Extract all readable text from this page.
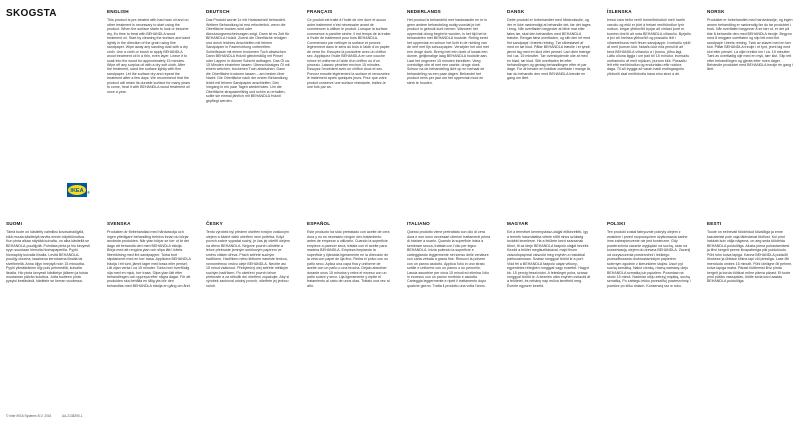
SKOGSTA
IKEA ®
ENGLISH

This product is pre-treated with hard wax oil and no other treatment is necessary to start using the product. When the surface starts to look or become dry, it's time to treat with BEHANDLA wood treatment oil. Start by cleaning the surface and sand lightly in the direction of the grain using fine sandpaper. Wipe away any sanding dust with a dry cloth. Use a cloth or brush to apply BEHANDLA wood treatment oil in a thin, even layer. Leave it to soak into the wood for approximately 15 minutes. Wipe off any surplus oil with a dry soft cloth. After the treatment, sand the surface lightly with fine sandpaper. Let the surface dry and repeat the treatment after a few days. We recommend that the product will retain its durable surface for many years to come, treat it with BEHANDLA wood treatment oil once a year.

DEUTSCH

Das Produkt wurde 1x mit Hartwachsöl behandelt. Weitere Behandlung ist erst erforderlich, wenn die Oberfläche trocken wird oder Abnutzungserscheinungen zeigt. Dann ist es Zeit für BEHANDLA Holzöl. Zuerst die Oberfläche reinigen und durch leichtes Anschleifen mit feinem Sandpapier in Faserrichtung vorbereiten. Schleifstaub mit einem trockenen Tuch abwischen. Dann BEHANDLA Holzöl gleichmäßig mit Pinsel oder Lappen in dünner Schicht auftragen. Das Öl ca. 15 Minuten einziehen lassen. Überschüssiges Öl mit einem weichen, trockenen Tuch abwischen. Dann die Oberfläche trocknen lassen – am besten über Nacht. Die Oberfläche nach der ersten Behandlung leicht mit feinem Sandpapier anschleifen. Den Vorgang in ein paar Tagen wiederholen. Um die Oberfläche strapazierfähig und schön zu erhalten, sollte sie einmal jährlich mit BEHANDLA Holzöl gepflegt werden.

FRANÇAIS

Ce produit est traité à l'huile de cire dure et aucun autre traitement n'est nécessaire avant de commencer à utiliser le produit. Lorsque la surface commence à paraître sèche, il est temps de la traiter à l'huile de traitement pour bois BEHANDLA. Commencez par nettoyer la surface et poncez légèrement dans le sens du bois à l'aide d'un papier de verre fin. Essuyez la poussière avec un chiffon sec. Appliquez l'huile BEHANDLA en une couche mince et uniforme à l'aide d'un chiffon ou d'un pinceau. Laissez pénétrer environ 15 minutes. Essuyez l'excédent avec un chiffon doux et sec. Poncez ensuite légèrement la surface et renouvelez le traitement après quelques jours. Pour que votre produit conserve une surface résistante, traitez-le une fois par an.

NEDERLANDS

Het product is behandeld met hardwasolie en er is geen andere behandeling nodig voordat je het product in gebruik kunt nemen. Wanneer het oppervlak droog begint te worden, is het tijd het te behandelen met BEHANDLA houtolie. Reinig eerst het oppervlak en schuur het licht in de richting van de nerf met fijn schuurpapier. Verwijder het stof met een droge doek. Breng met een doek of kwast een dunne, gelijkmatige laag BEHANDLA houtolie aan. Laat het ongeveer 15 minuten intrekken. Veeg overtollige olie af met een zachte, droge doek. Schuur na de behandeling licht op en herhaal de behandeling na een paar dagen. Behandel het product eens per jaar om het oppervlak mooi en sterk te houden.

DANSK

Dette produkt er forbehandlet med hårdvoksolie, og der er ikke nødvendigt at behandle det, før det tages i brug. Når overfladen begynder at blive mat eller føles tør, skal den behandles med BEHANDLA træolie. Rengør først overfladen, og slib den let med fint sandpapir i træets retning. Tør slibestøvet af med en tør klud. Påfør BEHANDLA træolie i et tyndt, jævnt lag med en klud eller pensel. Lad olien trænge ind i ca. 15 minutter. Tør overskydende olie af med en blød, tør klud. Slib overfladen let efter behandlingen og gentag behandlingen efter et par dage. For at bevare en holdbar overflade i mange år, bør du behandle den med BEHANDLA træolie en gang om året.

ÍSLENSKA

Þessi vara hefur verið formeðhöndluð með harðri vaxolíu og ekki er þörf á frekari meðhöndlun fyrir notkun. Þegar yfirborðið byrjar að virðast þurrt er kominn tími til að nota BEHANDLA viðarolíu. Byrjaðu á því að hreinsa yfirborðið og pússaðu létt í viðarstefnuna með fínum sandpappír. Þurrkaðu rykið af með þurrum klút. Notaðu klút eða pensil til að bera BEHANDLA viðarolíu á í þunnu, jöfnu lagi. Láttu olíuna liggja í um það bil 15 mínútur. Þurrkaðu umframolíu af með mjúkum, þurrum klút. Pússaðu létt eftir meðhöndlun og endurtaktu eftir nokkra daga. Til að tryggja að varan haldi endingargóðu yfirborði skal meðhöndla hana einu sinni á ári.

NORSK

Produktet er forbehandlet med hardvoksolje, og ingen annen behandling er nødvendig før du tar produktet i bruk. Når overflaten begynner å se tørr ut, er det på tide å behandle den med BEHANDLA treolje. Begynn med å rengjøre overflaten og slip lett med fint sandpapir i treets retning. Tørk av støvet med en tørr klut. Påfør BEHANDLA treolje i et tynt, jevnt lag med klut eller pensel. La oljen trekke inn i ca. 15 minutter. Tørk av overflødig olje med en myk, tørr klut. Slip lett etter behandlingen og gjenta etter noen dager. Behandle produktet med BEHANDLA treolje én gang i året.

SUOMI

Tämä tuote on käsitelty valmiiksi kovavahaöljyllä, eikä muuta käsittelyä tarvita ennen käyttöönottoa. Kun pinta alkaa näyttää kuivalta, on aika käsitellä se BEHANDLA-puuöljyllä. Puhdista pinta ja hio kevyesti syyn suuntaan hienolla hiomapaperilla. Pyyhi hiomapöly kuivalla liinalla. Levitä BEHANDLA-puuöljy ohuena, tasaisena kerroksena liinalla tai siveltimellä. Anna öljyn imeytyä noin 15 minuuttia. Pyyhi ylimääräinen öljy pois pehmeällä, kuivalla liinalla. Hio pinta kevyesti käsittelyn jälkeen ja toista muutaman päivän kuluttua. Jotta tuotteen pinta pysyisi kestävänä, käsittele se kerran vuodessa.

SVENSKA

Produkten är förbehandlad med hårdvaxolja och ingen ytterligare behandling behövs innan du börjar använda produkten. När ytan börjar se torr ut är det dags att behandla den med BEHANDLA träolja. Börja med att rengöra ytan och slipa lätt i träets fiberriktning med fint sandpapper. Torka bort slipdammet med en torr trasa. Applicera BEHANDLA träolja i ett tunt, jämnt lager med trasa eller pensel. Låt oljan verka i ca 15 minuter. Torka bort överflödig olja med en mjuk, torr trasa. Slipa ytan lätt efter behandlingen och upprepa efter några dagar. För att produkten ska behålla en tålig yta bör den behandlas med BEHANDLA träolja en gång om året.

ČESKY

Tento výrobek byl předem ošetřen tvrdým voskovým olejem a žádné další ošetření není potřeba. Když povrch začne vypadat suchý, je čas jej ošetřit olejem na dřevo BEHANDLA. Nejprve povrch očistěte a lehce přebruste jemným smirkovým papírem ve směru vláken dřeva. Prach setřete suchým hadříkem. Hadříkem nebo štětcem naneste tenkou, rovnoměrnou vrstvu oleje BEHANDLA. Nechte asi 15 minut vsáknout. Přebytečný olej setřete měkkým suchým hadříkem. Po ošetření povrch lehce přebruste a za několik dní ošetření zopakujte. Aby si výrobek zachoval odolný povrch, ošetřete jej jednou ročně.

ESPAÑOL

Este producto ha sido pretratado con aceite de cera dura y no es necesario ningún otro tratamiento antes de empezar a utilizarlo. Cuando la superficie empiece a parecer seca, trátala con el aceite para madera BEHANDLA. Empieza limpiando la superficie y lijándola ligeramente en la dirección de la veta con papel de lija fino. Retira el polvo con un paño seco. Aplica una capa fina y uniforme de aceite con un paño o una brocha. Déjalo absorber durante unos 15 minutos y retira el exceso con un paño suave y seco. Lija ligeramente y repite el tratamiento al cabo de unos días. Trátalo una vez al año.

ITALIANO

Questo prodotto viene pretrattato con olio di cera dura e non sono necessari ulteriori trattamenti prima di iniziare a usarlo. Quando la superficie inizia a sembrare secca, trattala con l'olio per legno BEHANDLA. Inizia pulendo la superficie e carteggiando leggermente nel senso delle venature con carta vetrata a grana fine. Rimuovi la polvere con un panno asciutto. Applica l'olio in uno strato sottile e uniforme con un panno o un pennello. Lascia assorbire per circa 15 minuti ed elimina l'olio in eccesso con un panno morbido e asciutto. Carteggia leggermente e ripeti il trattamento dopo qualche giorno. Tratta il prodotto una volta l'anno.

MAGYAR

Ezt a terméket keményviasz-olajjal előkezelték, így a termék használatba vétele előtt nincs szükség további kezelésre. Ha a felülete kezd száraznak tűnni, itt az ideje BEHANDLA faápoló olajjal kezelni. Kezdd a felület megtisztításával, majd finom csiszolópapírral csiszold meg enyhén a rostokkal párhuzamosan. Száraz ronggyal töröld le a port. Vidd fel a BEHANDLA faápoló olajat vékony, egyenletes rétegben ronggyal vagy ecsettel. Hagyd kb. 15 percig beszívódni. A felesleget puha, száraz ronggyal töröld le. A kezelés után enyhén csiszold át a felületet, és néhány nap múlva ismételd meg. Évente egyszer kezeld.

POLSKI

Ten produkt został fabrycznie pokryty olejem z woskiem i przed rozpoczęciem użytkowania żadne inne zabezpieczenie nie jest konieczne. Gdy powierzchnia zacznie wyglądać na suchą, czas na konserwację olejem do drewna BEHANDLA. Zacznij od oczyszczenia powierzchni i lekkiego przeszlifowania drobnoziarnistym papierem ściernym zgodnie z kierunkiem słojów. Usuń pył suchą szmatką. Nałóż cienką, równą warstwę oleju BEHANDLA szmatką lub pędzlem. Pozostaw na około 15 minut. Nadmiar oleju zetrzyj miękką, suchą szmatką. Po zabiegu lekko przeszlifuj powierzchnię i powtórz po kilku dniach. Konserwuj raz w roku.

EESTI

Toode on eelnevalt töödeldud kõvaõliga ja enne kasutamist pole vaja täiendavat töötlust. Kui pind hakkab kuiv välja nägema, on aeg seda töödelda BEHANDLA puiduõliga. Alusta pinna puhastamisest ja lihvi kergelt peene liivapaberiga piki puidukiudu. Pühi tolm kuiva lapiga. Kanna BEHANDLA puiduõli õhukese ja ühtlase kihina lapi või pintsliga. Lase õlil imenduda umbes 15 minutit. Pühi üleliigne õli pehme, kuiva lapiga maha. Pärast töötlemist lihvi pinda kergelt ja korda töötlust mõne päeva pärast. Et toote pind püsiks vastupidav, töötle seda kord aastas BEHANDLA puiduõliga.

© Inter IKEA Systems B.V. 2016	AA-2138290-1
